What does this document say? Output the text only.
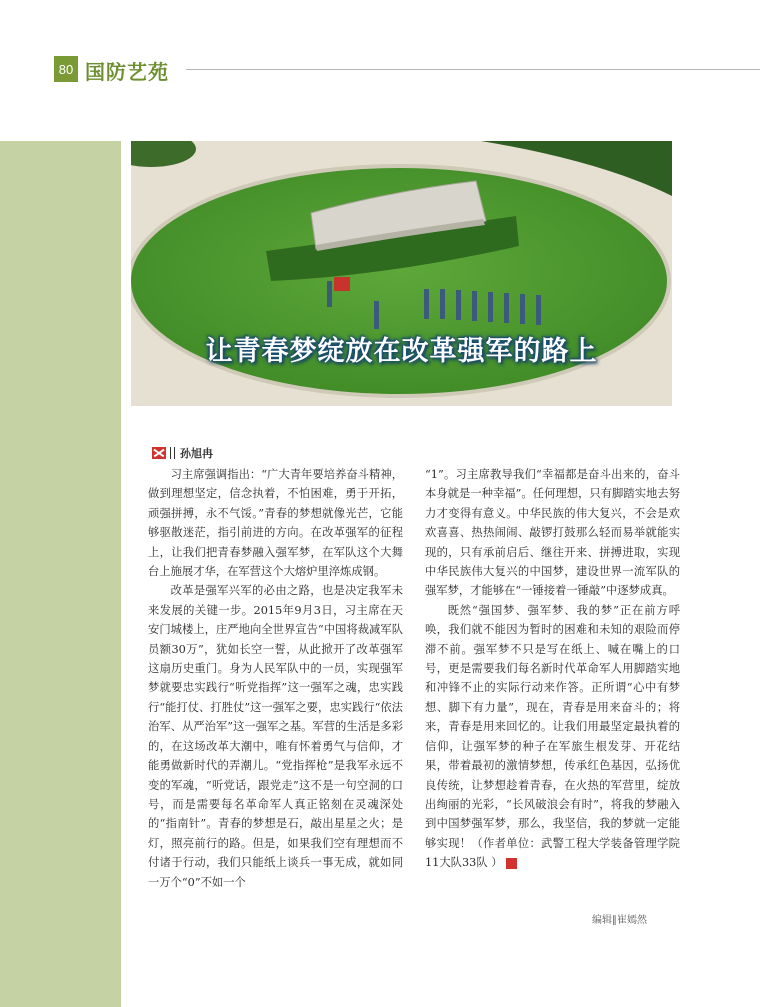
80 国防艺苑
让青春梦绽放在改革强军的路上
孙旭冉

习主席强调指出：“广大青年要培养奋斗精神，做到理想坚定，信念执着，不怕困难，勇于开拓，顽强拼搏，永不气馁。”青春的梦想就像光芒，它能够驱散迷茫，指引前进的方向。在改革强军的征程上，让我们把青春梦融入强军梦，在军队这个大舞台上施展才华，在军营这个大熔炉里淬炼成钢。

改革是强军兴军的必由之路，也是决定我军未来发展的关键一步。2015年9月3日，习主席在天安门城楼上，庄严地向全世界宣告“中国将裁减军队员额30万”，犹如长空一誓，从此掀开了改革强军这扇历史重门。身为人民军队中的一员，实现强军梦就要忠实践行“听党指挥”这一强军之魂，忠实践行“能打仗、打胜仗”这一强军之要，忠实践行“依法治军、从严治军”这一强军之基。军营的生活是多彩的，在这场改革大潮中，唯有怀着勇气与信仰，才能勇做新时代的弄潮儿。“党指挥枪”是我军永远不变的军魂，“听党话，跟党走”这不是一句空洞的口号，而是需要每名革命军人真正铭刻在灵魂深处的“指南针”。青春的梦想是石，敲出星星之火；是灯，照亮前行的路。但是，如果我们空有理想而不付诸于行动，我们只能纸上谈兵一事无成，就如同一万个“0”不如一个

“1”。习主席教导我们“幸福都是奋斗出来的，奋斗本身就是一种幸福”。任何理想，只有脚踏实地去努力才变得有意义。中华民族的伟大复兴，不会是欢欢喜喜、热热闹闹、敲锣打鼓那么轻而易举就能实现的，只有承前启后、继往开来、拼搏进取，实现中华民族伟大复兴的中国梦，建设世界一流军队的强军梦，才能够在“一锤接着一锤敲”中逐梦成真。

既然“强国梦、强军梦、我的梦”正在前方呼唤，我们就不能因为暂时的困难和未知的艰险而停滞不前。强军梦不只是写在纸上、喊在嘴上的口号，更是需要我们每名新时代革命军人用脚踏实地和冲锋不止的实际行动来作答。正所谓“心中有梦想、脚下有力量”，现在，青春是用来奋斗的；将来，青春是用来回忆的。让我们用最坚定最执着的信仰，让强军梦的种子在军旅生根发芽、开花结果，带着最初的激情梦想，传承红色基因，弘扬优良传统，让梦想趁着青春，在火热的军营里，绽放出绚丽的光彩，“长风破浪会有时”，将我的梦融入到中国梦强军梦，那么，我坚信，我的梦就一定能够实现！（作者单位：武警工程大学装备管理学院11大队33队 ）	G

编辑∥崔嫣然
